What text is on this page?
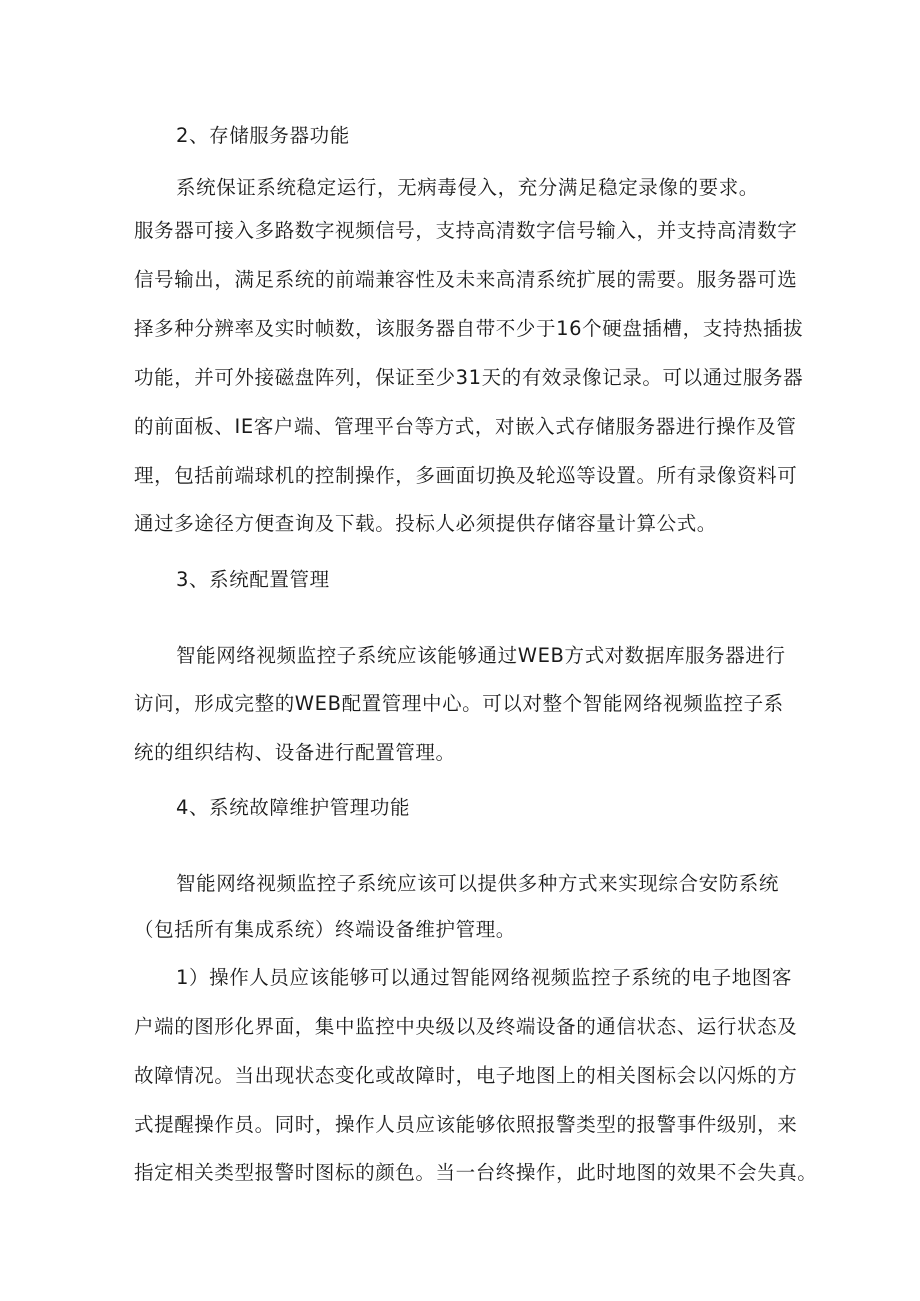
2、存储服务器功能
系统保证系统稳定运行，无病毒侵入，充分满足稳定录像的要求。
服务器可接入多路数字视频信号，支持高清数字信号输入，并支持高清数字
信号输出，满足系统的前端兼容性及未来高清系统扩展的需要。服务器可选
择多种分辨率及实时帧数，该服务器自带不少于16个硬盘插槽，支持热插拔
功能，并可外接磁盘阵列，保证至少31天的有效录像记录。可以通过服务器
的前面板、IE客户端、管理平台等方式，对嵌入式存储服务器进行操作及管
理，包括前端球机的控制操作，多画面切换及轮巡等设置。所有录像资料可
通过多途径方便查询及下载。投标人必须提供存储容量计算公式。
3、系统配置管理
智能网络视频监控子系统应该能够通过WEB方式对数据库服务器进行
访问，形成完整的WEB配置管理中心。可以对整个智能网络视频监控子系
统的组织结构、设备进行配置管理。
4、系统故障维护管理功能
智能网络视频监控子系统应该可以提供多种方式来实现综合安防系统
（包括所有集成系统）终端设备维护管理。
1）操作人员应该能够可以通过智能网络视频监控子系统的电子地图客
户端的图形化界面，集中监控中央级以及终端设备的通信状态、运行状态及
故障情况。当出现状态变化或故障时，电子地图上的相关图标会以闪烁的方
式提醒操作员。同时，操作人员应该能够依照报警类型的报警事件级别，来
指定相关类型报警时图标的颜色。当一台终操作，此时地图的效果不会失真。
